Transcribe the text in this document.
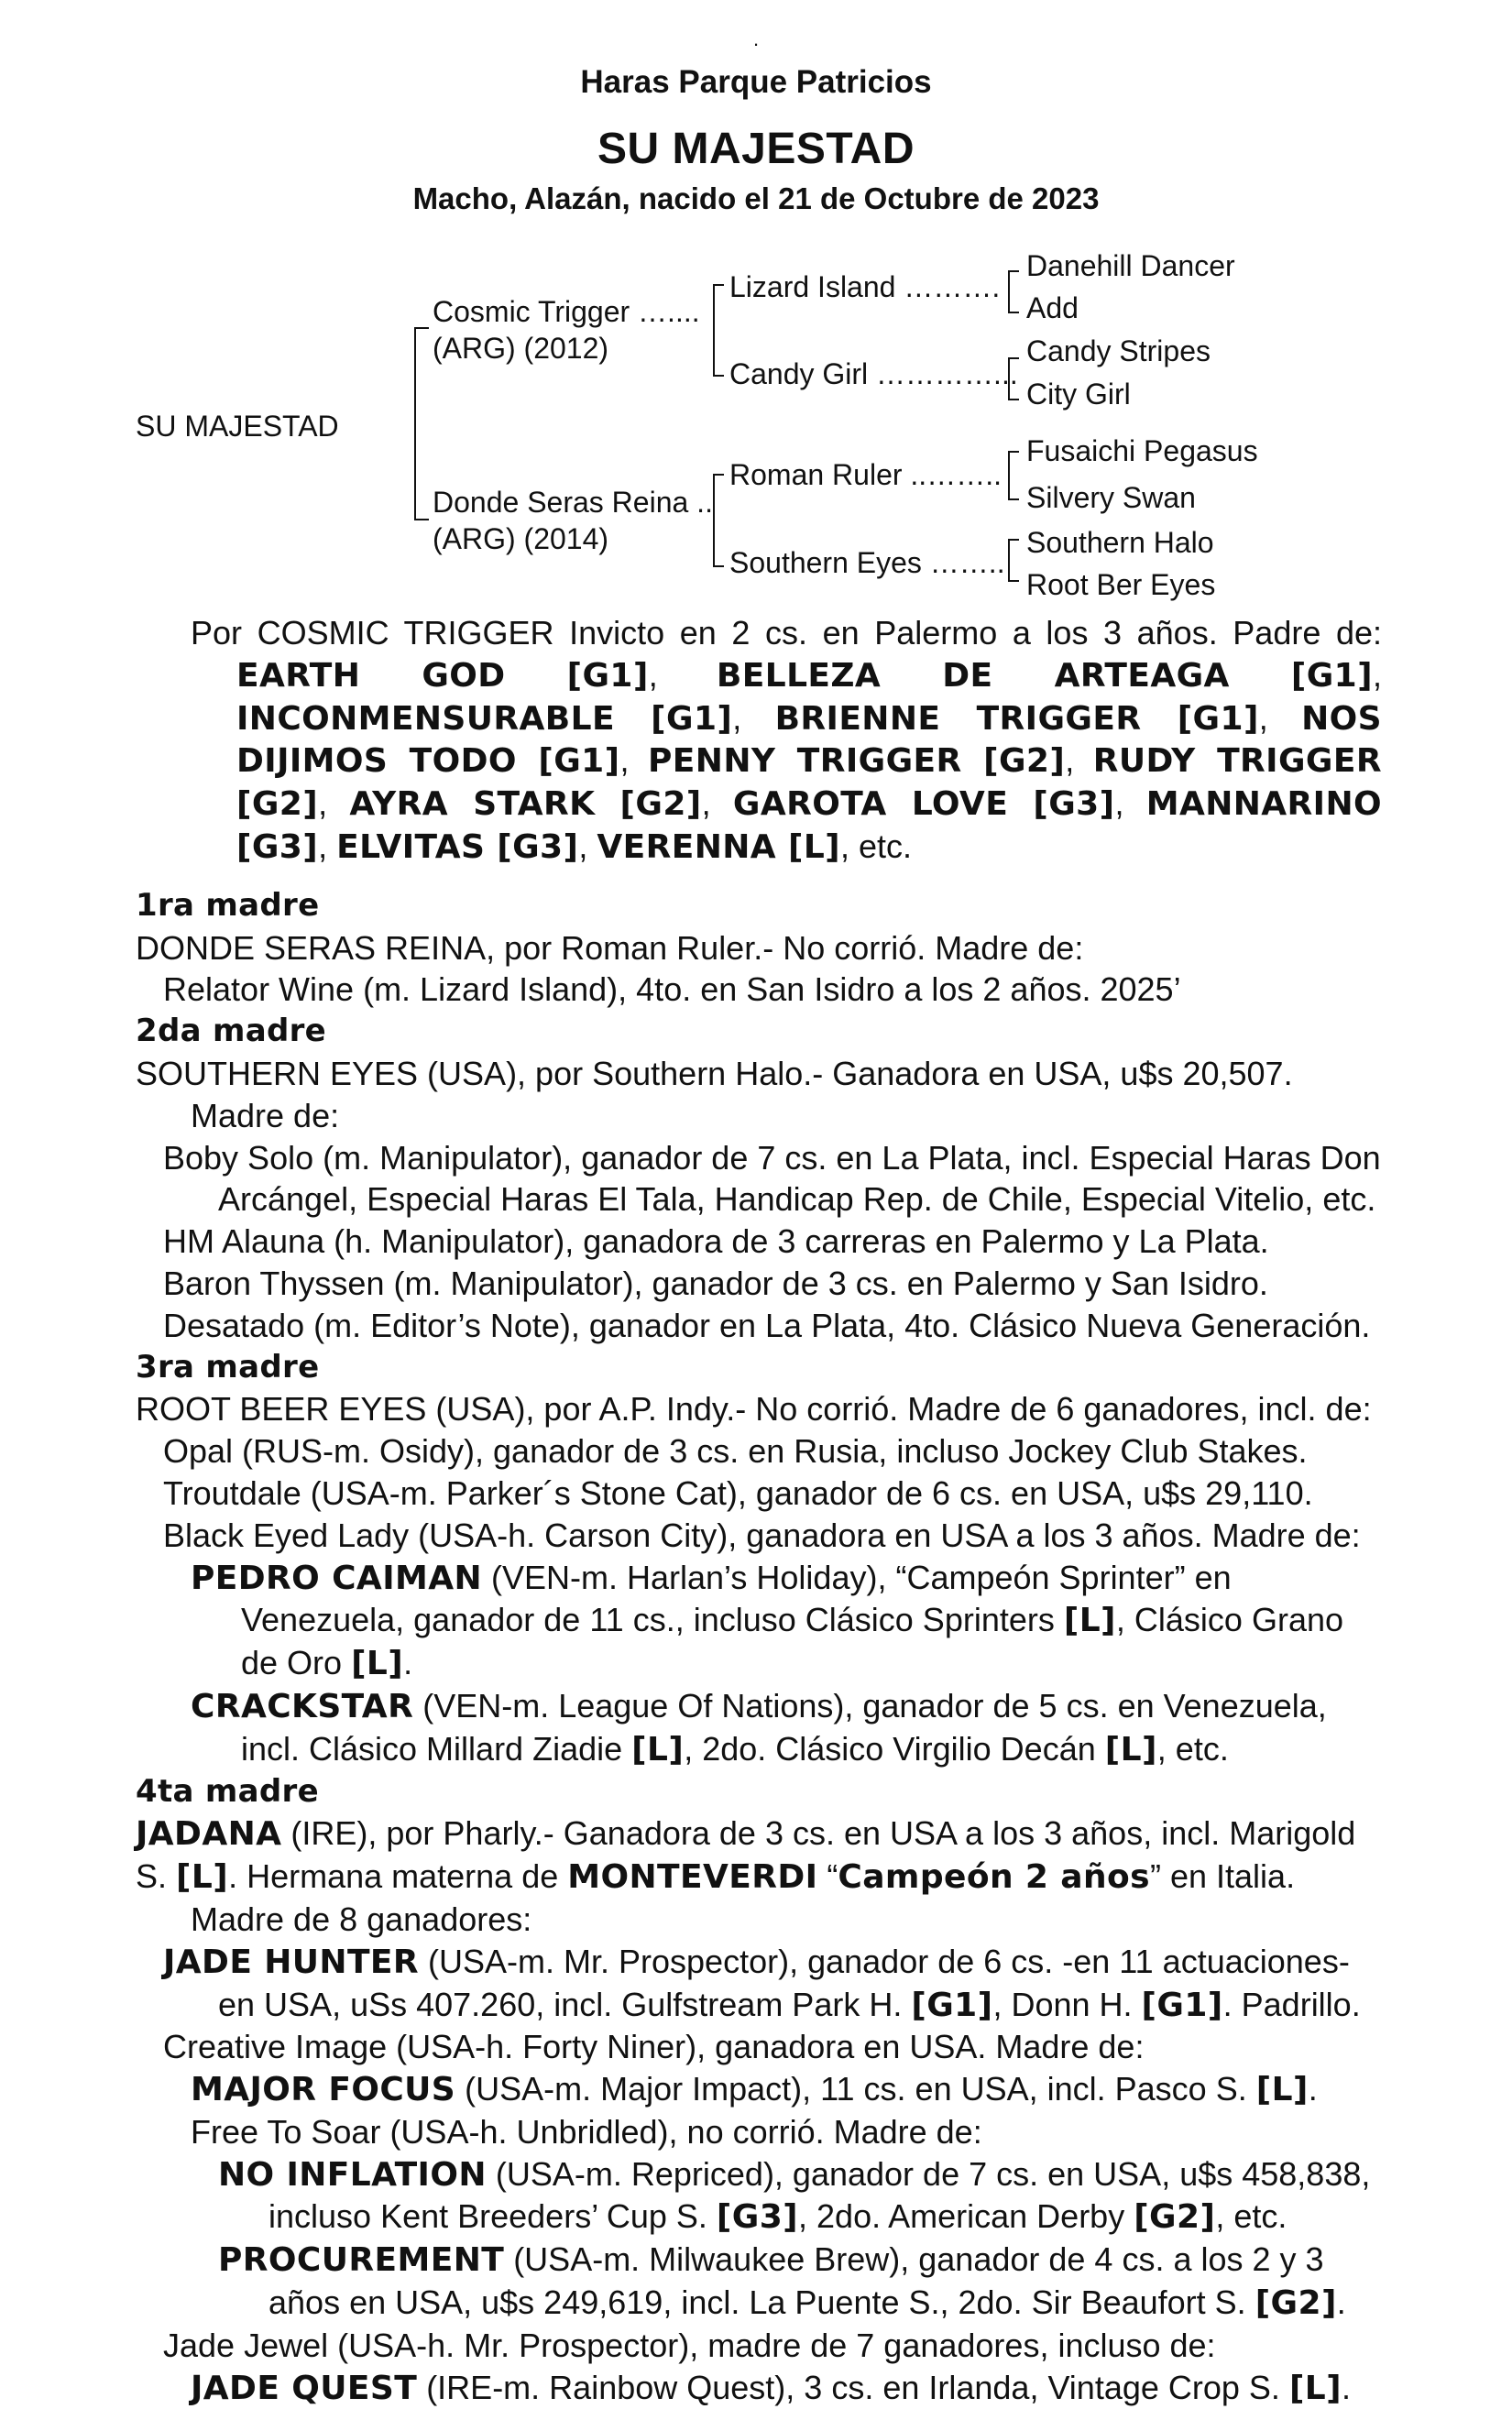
.
Haras Parque Patricios
SU MAJESTAD
Macho, Alazán, nacido el 21 de Octubre de 2023
SU MAJESTAD
Cosmic Trigger …....
(ARG) (2012)
Donde Seras Reina ..
(ARG) (2014)
Lizard Island ……….
Candy Girl …………...
Roman Ruler ..……..
Southern Eyes ……..
Danehill Dancer
Add
Candy Stripes
City Girl
Fusaichi Pegasus
Silvery Swan
Southern Halo
Root Ber Eyes

Por COSMIC TRIGGER Invicto en 2 cs. en Palermo a los 3 años. Padre de: EARTH GOD [G1], BELLEZA DE ARTEAGA [G1], INCONMENSURABLE [G1], BRIENNE TRIGGER [G1], NOS DIJIMOS TODO [G1], PENNY TRIGGER [G2], RUDY TRIGGER [G2], AYRA STARK [G2], GAROTA LOVE [G3], MANNARINO [G3], ELVITAS [G3], VERENNA [L], etc.

1ra madre

DONDE SERAS REINA, por Roman Ruler.- No corrió. Madre de:

Relator Wine (m. Lizard Island), 4to. en San Isidro a los 2 años. 2025’

2da madre

SOUTHERN EYES (USA), por Southern Halo.- Ganadora en USA, u$s 20,507.

Madre de:

Boby Solo (m. Manipulator), ganador de 7 cs. en La Plata, incl. Especial Haras Don Arcángel, Especial Haras El Tala, Handicap Rep. de Chile, Especial Vitelio, etc.

HM Alauna (h. Manipulator), ganadora de 3 carreras en Palermo y La Plata.

Baron Thyssen (m. Manipulator), ganador de 3 cs. en Palermo y San Isidro.

Desatado (m. Editor’s Note), ganador en La Plata, 4to. Clásico Nueva Generación.

3ra madre

ROOT BEER EYES (USA), por A.P. Indy.- No corrió. Madre de 6 ganadores, incl. de:

Opal (RUS-m. Osidy), ganador de 3 cs. en Rusia, incluso Jockey Club Stakes.

Troutdale (USA-m. Parker´s Stone Cat), ganador de 6 cs. en USA, u$s 29,110.

Black Eyed Lady (USA-h. Carson City), ganadora en USA a los 3 años. Madre de:

PEDRO CAIMAN (VEN-m. Harlan’s Holiday), “Campeón Sprinter” en Venezuela, ganador de 11 cs., incluso Clásico Sprinters [L], Clásico Grano de Oro [L].

CRACKSTAR (VEN-m. League Of Nations), ganador de 5 cs. en Venezuela, incl. Clásico Millard Ziadie [L], 2do. Clásico Virgilio Decán [L], etc.

4ta madre

JADANA (IRE), por Pharly.- Ganadora de 3 cs. en USA a los 3 años, incl. Marigold S. [L]. Hermana materna de MONTEVERDI “Campeón 2 años” en Italia.

Madre de 8 ganadores:

JADE HUNTER (USA-m. Mr. Prospector), ganador de 6 cs. -en 11 actuaciones- en USA, uSs 407.260, incl. Gulfstream Park H. [G1], Donn H. [G1]. Padrillo.

Creative Image (USA-h. Forty Niner), ganadora en USA. Madre de:

MAJOR FOCUS (USA-m. Major Impact), 11 cs. en USA, incl. Pasco S. [L].

Free To Soar (USA-h. Unbridled), no corrió. Madre de:

NO INFLATION (USA-m. Repriced), ganador de 7 cs. en USA, u$s 458,838, incluso Kent Breeders’ Cup S. [G3], 2do. American Derby [G2], etc.

PROCUREMENT (USA-m. Milwaukee Brew), ganador de 4 cs. a los 2 y 3 años en USA, u$s 249,619, incl. La Puente S., 2do. Sir Beaufort S. [G2].

Jade Jewel (USA-h. Mr. Prospector), madre de 7 ganadores, incluso de:

JADE QUEST (IRE-m. Rainbow Quest), 3 cs. en Irlanda, Vintage Crop S. [L].
